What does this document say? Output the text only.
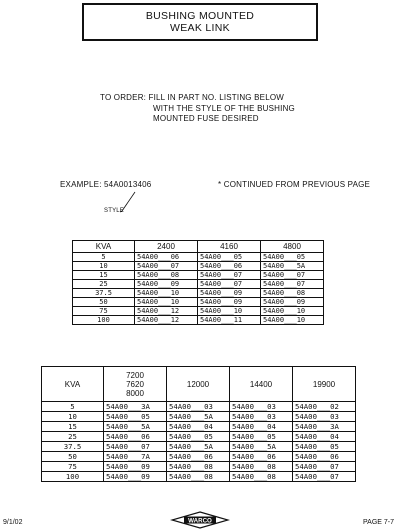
BUSHING MOUNTED
WEAK LINK
TO ORDER: FILL IN PART NO. LISTING BELOW
WITH THE STYLE OF THE BUSHING
MOUNTED FUSE DESIRED
EXAMPLE: 54A0013406	* CONTINUED FROM PREVIOUS PAGE
STYLE
KVA	2400	4160	4800
5	54A00___06	54A00___05	54A00___05
10	54A00___07	54A00___06	54A00___5A
15	54A00___08	54A00___07	54A00___07
25	54A00___09	54A00___07	54A00___07
37.5	54A00___10	54A00___09	54A00___08
50	54A00___10	54A00___09	54A00___09
75	54A00___12	54A00___10	54A00___10
100	54A00___12	54A00___11	54A00___10
KVA	7200
7620
8000	12000	14400	19900
5	54A00___3A	54A00___03	54A00___03	54A00___02
10	54A00___05	54A00___5A	54A00___03	54A00___03
15	54A00___5A	54A00___04	54A00___04	54A00___3A
25	54A00___06	54A00___05	54A00___05	54A00___04
37.5	54A00___07	54A00___5A	54A00___5A	54A00___05
50	54A00___7A	54A00___06	54A00___06	54A00___06
75	54A00___09	54A00___08	54A00___08	54A00___07
100	54A00___09	54A00___08	54A00___08	54A00___07
9/1/02	WARCO	PAGE 7-7
